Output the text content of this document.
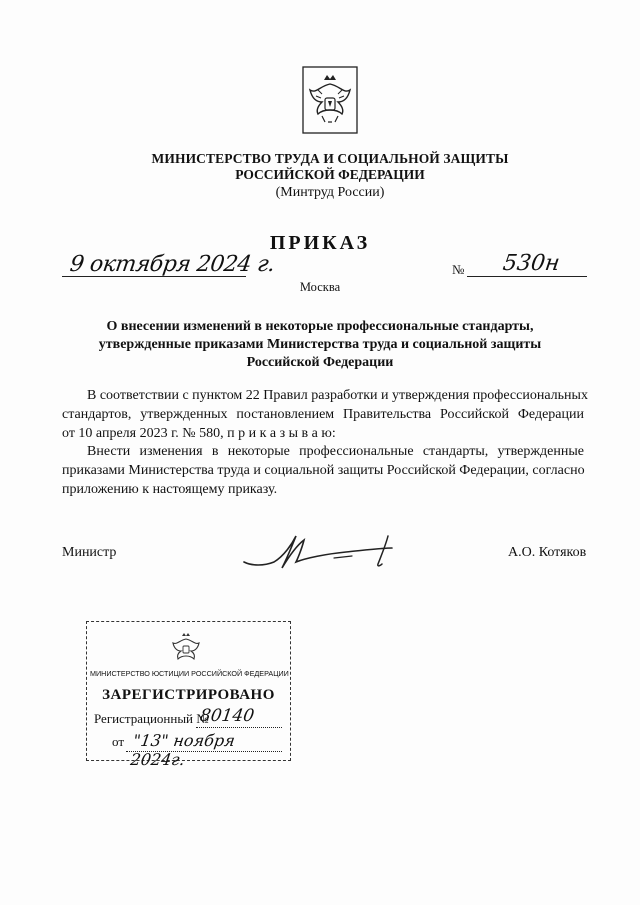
МИНИСТЕРСТВО ТРУДА И СОЦИАЛЬНОЙ ЗАЩИТЫ
РОССИЙСКОЙ ФЕДЕРАЦИИ
(Минтруд России)
ПРИКАЗ
9 октября 2024 г.	№ 530н
Москва
О внесении изменений в некоторые профессиональные стандарты,
утвержденные приказами Министерства труда и социальной защиты
Российской Федерации
В соответствии с пунктом 22 Правил разработки и утверждения профессиональных
стандартов, утвержденных постановлением Правительства Российской Федерации
от 10 апреля 2023 г. № 580, п р и к а з ы в а ю:
Внести изменения в некоторые профессиональные стандарты, утвержденные
приказами Министерства труда и социальной защиты Российской Федерации, согласно
приложению к настоящему приказу.
Министр	А.О. Котяков
МИНИСТЕРСТВО ЮСТИЦИИ РОССИЙСКОЙ ФЕДЕРАЦИИ
ЗАРЕГИСТРИРОВАНО
Регистрационный №
80140
от "13" ноября 2024г.
